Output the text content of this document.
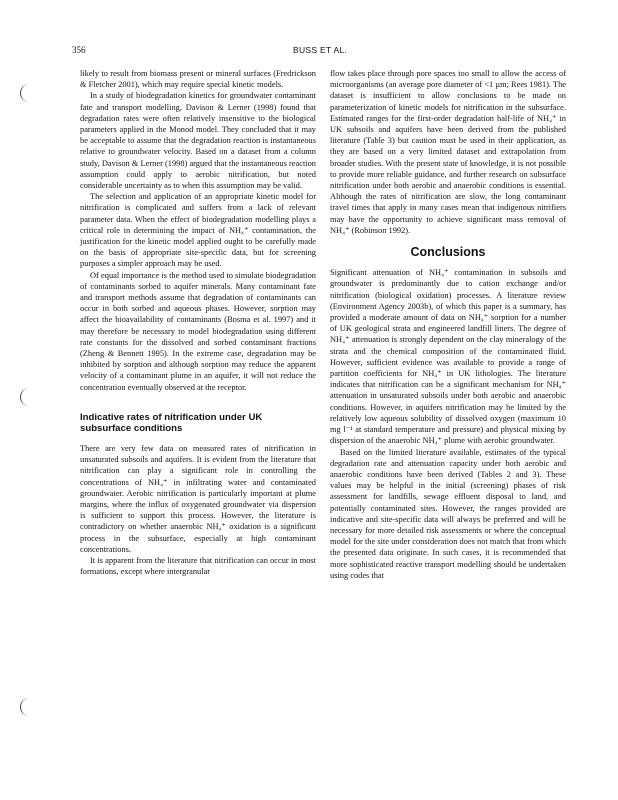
356	BUSS ET AL.

likely to result from biomass present or mineral surfaces (Fredrickson & Fletcher 2001), which may require special kinetic models.

In a study of biodegradation kinetics for groundwater contaminant fate and transport modelling, Davison & Lerner (1998) found that degradation rates were often relatively insensitive to the biological parameters applied in the Monod model. They concluded that it may be acceptable to assume that the degradation reaction is instantaneous relative to groundwater velocity. Based on a dataset from a column study, Davison & Lerner (1998) argued that the instantaneous reaction assumption could apply to aerobic nitrification, but noted considerable uncertainty as to when this assumption may be valid.

The selection and application of an appropriate kinetic model for nitrification is complicated and suffers from a lack of relevant parameter data. When the effect of biodegradation modelling plays a critical role in determining the impact of NH₄⁺ contamination, the justification for the kinetic model applied ought to be carefully made on the basis of appropriate site-specific data, but for screening purposes a simpler approach may be used.

Of equal importance is the method used to simulate biodegradation of contaminants sorbed to aquifer minerals. Many contaminant fate and transport methods assume that degradation of contaminants can occur in both sorbed and aqueous phases. However, sorption may affect the bioavailability of contaminants (Bosma et al. 1997) and it may therefore be necessary to model biodegradation using different rate constants for the dissolved and sorbed contaminant fractions (Zheng & Bennett 1995). In the extreme case, degradation may be inhibited by sorption and although sorption may reduce the apparent velocity of a contaminant plume in an aquifer, it will not reduce the concentration eventually observed at the receptor.

Indicative rates of nitrification under UK subsurface conditions

There are very few data on measured rates of nitrification in unsaturated subsoils and aquifers. It is evident from the literature that nitrification can play a significant role in controlling the concentrations of NH₄⁺ in infiltrating water and contaminated groundwater. Aerobic nitrification is particularly important at plume margins, where the influx of oxygenated groundwater via dispersion is sufficient to support this process. However, the literature is contradictory on whether anaerobic NH₄⁺ oxidation is a significant process in the subsurface, especially at high contaminant concentrations.

It is apparent from the literature that nitrification can occur in most formations, except where intergranular

flow takes place through pore spaces too small to allow the access of microorganisms (an average pore diameter of <1 µm; Rees 1981). The dataset is insufficient to allow conclusions to be made on parameterization of kinetic models for nitrification in the subsurface. Estimated ranges for the first-order degradation half-life of NH₄⁺ in UK subsoils and aquifers have been derived from the published literature (Table 3) but caution must be used in their application, as they are based on a very limited dataset and extrapolation from broader studies. With the present state of knowledge, it is not possible to provide more reliable guidance, and further research on subsurface nitrification under both aerobic and anaerobic conditions is essential. Although the rates of nitrification are slow, the long contaminant travel times that apply in many cases mean that indigenous nitrifiers may have the opportunity to achieve significant mass removal of NH₄⁺ (Robinson 1992).

Conclusions

Significant attenuation of NH₄⁺ contamination in subsoils and groundwater is predominantly due to cation exchange and/or nitrification (biological oxidation) processes. A literature review (Environment Agency 2003b), of which this paper is a summary, has provided a moderate amount of data on NH₄⁺ sorption for a number of UK geological strata and engineered landfill liners. The degree of NH₄⁺ attenuation is strongly dependent on the clay mineralogy of the strata and the chemical composition of the contaminated fluid. However, sufficient evidence was available to provide a range of partition coefficients for NH₄⁺ in UK lithologies. The literature indicates that nitrification can be a significant mechanism for NH₄⁺ attenuation in unsaturated subsoils under both aerobic and anaerobic conditions. However, in aquifers nitrification may be limited by the relatively low aqueous solubility of dissolved oxygen (maximum 10 mg l⁻¹ at standard temperature and pressure) and physical mixing by dispersion of the anaerobic NH₄⁺ plume with aerobic groundwater.

Based on the limited literature available, estimates of the typical degradation rate and attenuation capacity under both aerobic and anaerobic conditions have been derived (Tables 2 and 3). These values may be helpful in the initial (screening) phases of risk assessment for landfills, sewage effluent disposal to land, and potentially contaminated sites. However, the ranges provided are indicative and site-specific data will always be preferred and will be necessary for more detailed risk assessments or where the conceptual model for the site under consideration does not match that from which the presented data originate. In such cases, it is recommended that more sophisticated reactive transport modelling should be undertaken using codes that
